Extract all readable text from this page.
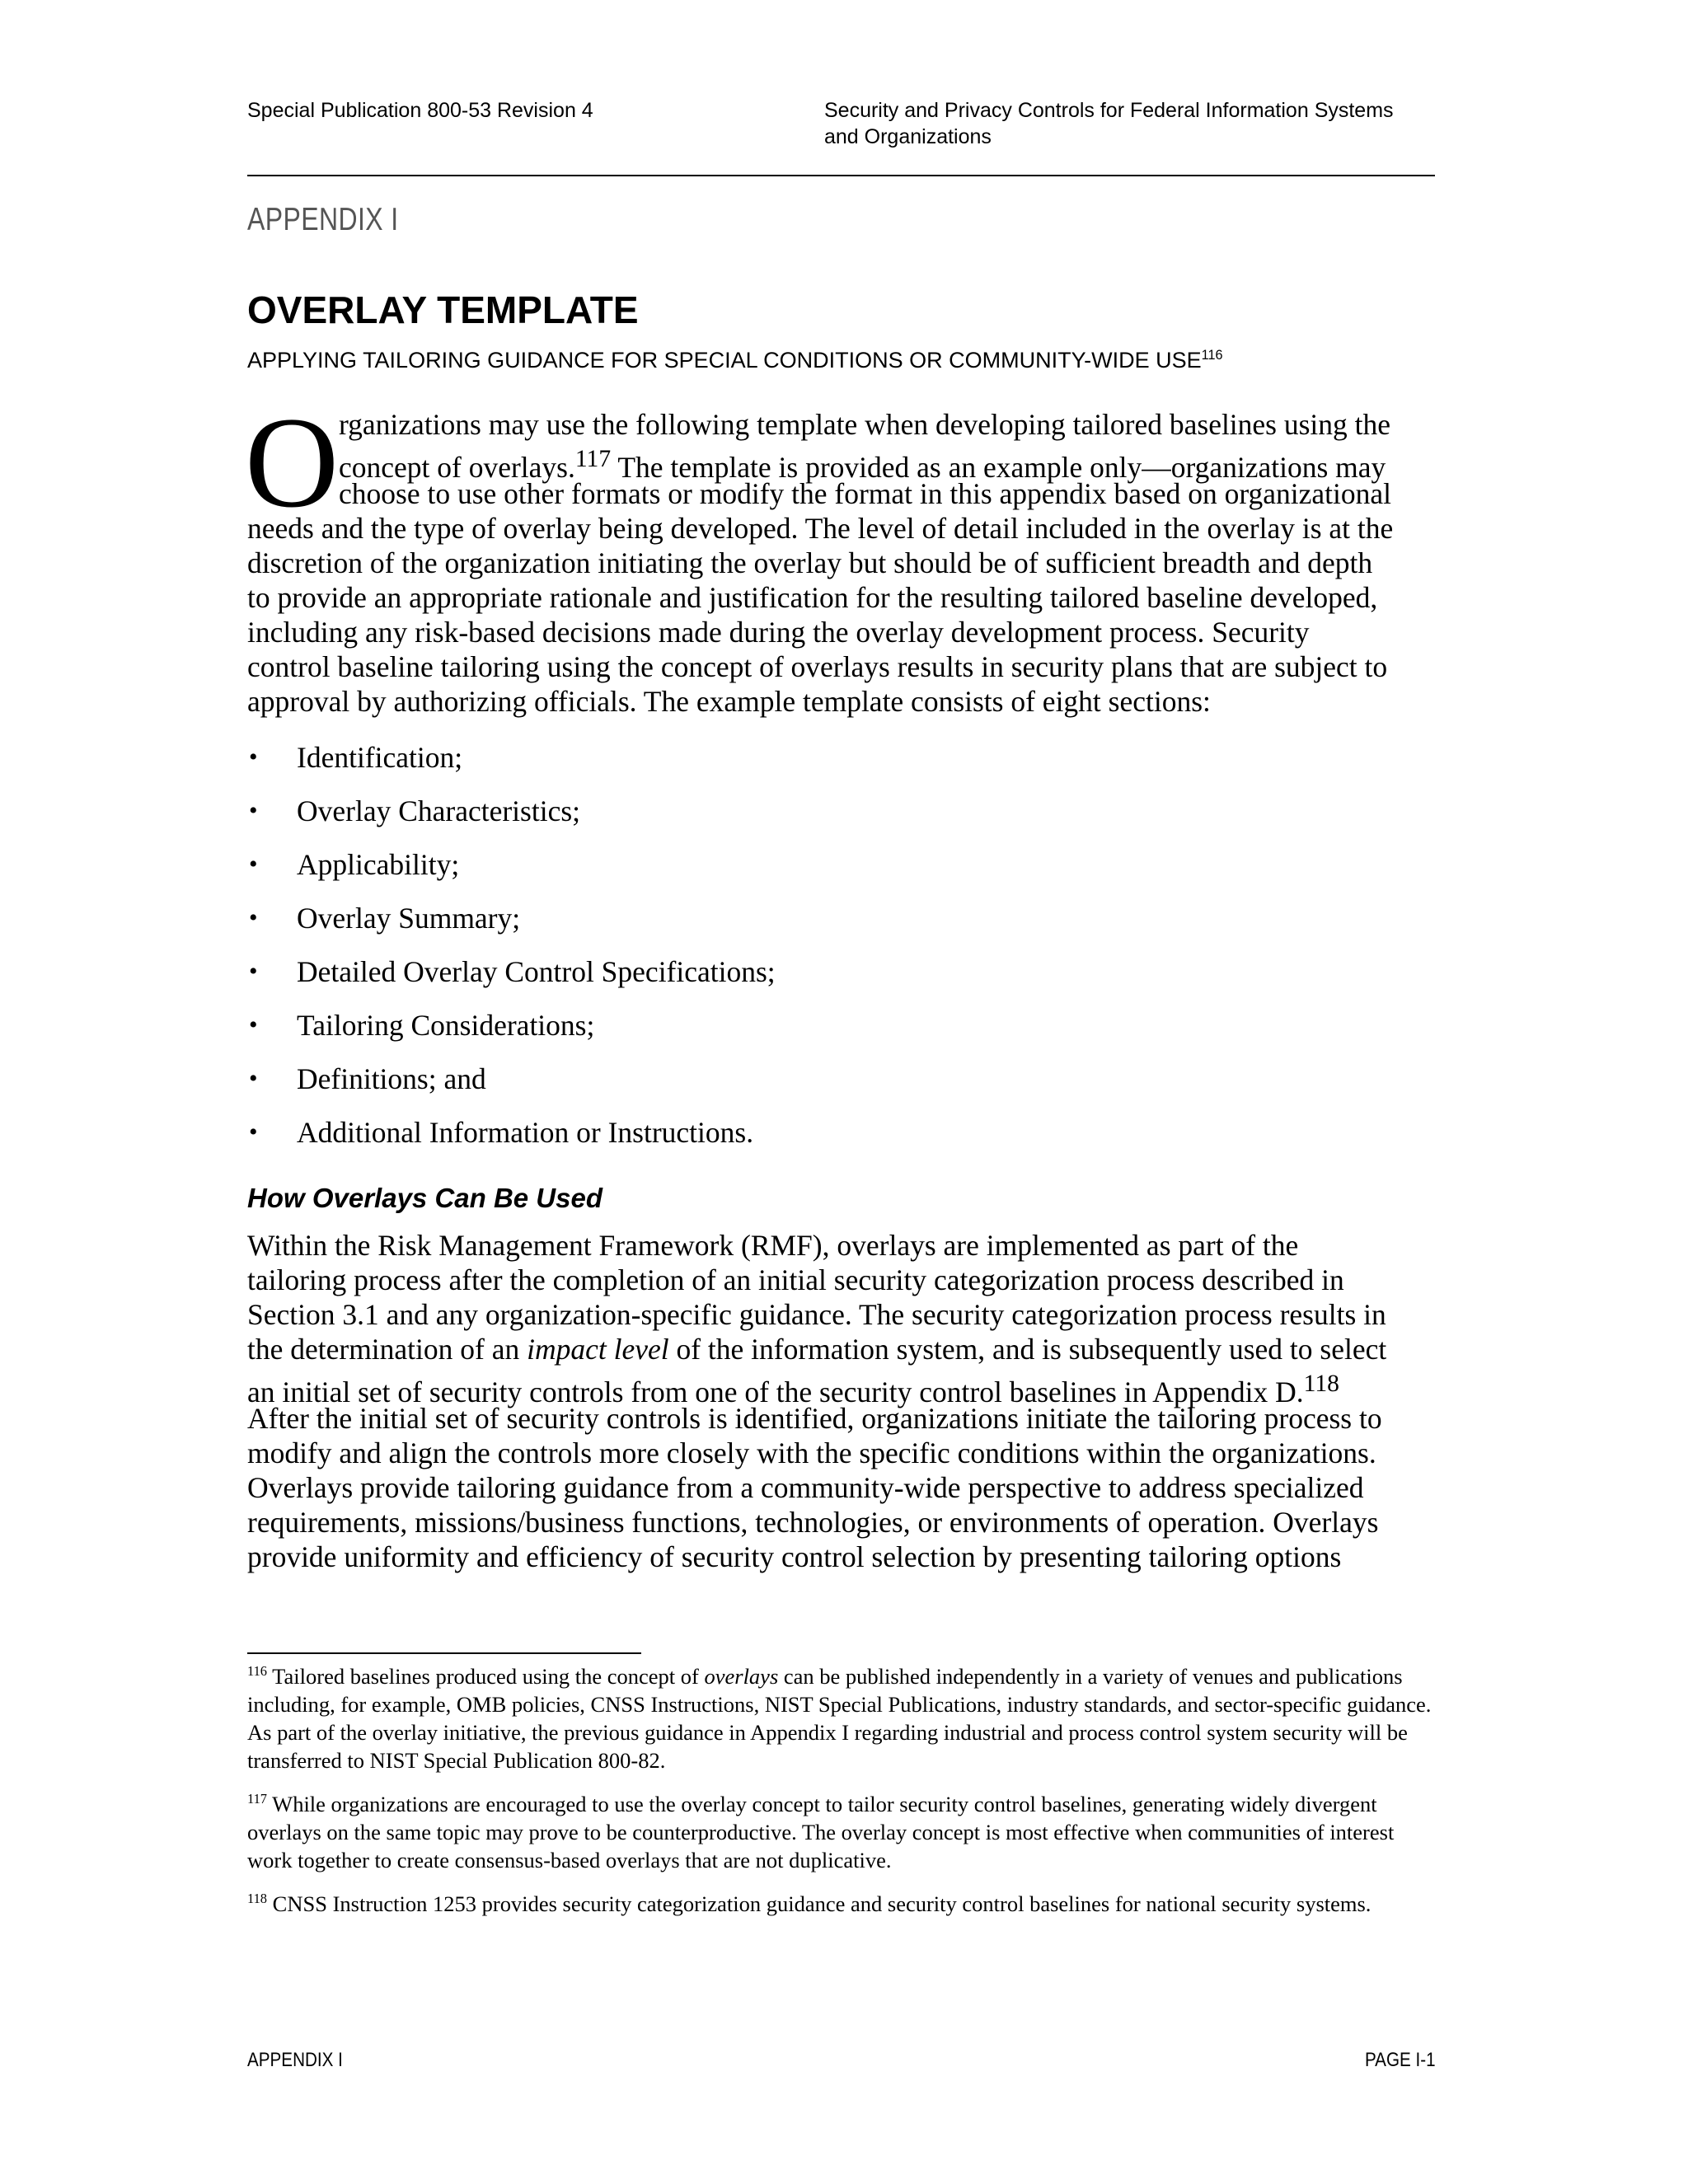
Special Publication 800-53 Revision 4	Security and Privacy Controls for Federal Information Systems
and Organizations
APPENDIX I
OVERLAY TEMPLATE
APPLYING TAILORING GUIDANCE FOR SPECIAL CONDITIONS OR COMMUNITY-WIDE USE$^{116}$
O rganizations may use the following template when developing tailored baselines using the
concept of overlays.$^{117}$ The template is provided as an example only—organizations may
choose to use other formats or modify the format in this appendix based on organizational
needs and the type of overlay being developed. The level of detail included in the overlay is at the
discretion of the organization initiating the overlay but should be of sufficient breadth and depth
to provide an appropriate rationale and justification for the resulting tailored baseline developed,
including any risk-based decisions made during the overlay development process. Security
control baseline tailoring using the concept of overlays results in security plans that are subject to
approval by authorizing officials. The example template consists of eight sections:
• Identification;
• Overlay Characteristics;
• Applicability;
• Overlay Summary;
• Detailed Overlay Control Specifications;
• Tailoring Considerations;
• Definitions; and
• Additional Information or Instructions.
How Overlays Can Be Used
Within the Risk Management Framework (RMF), overlays are implemented as part of the
tailoring process after the completion of an initial security categorization process described in
Section 3.1 and any organization-specific guidance. The security categorization process results in
the determination of an impact level of the information system, and is subsequently used to select
an initial set of security controls from one of the security control baselines in Appendix D.$^{118}$
After the initial set of security controls is identified, organizations initiate the tailoring process to
modify and align the controls more closely with the specific conditions within the organizations.
Overlays provide tailoring guidance from a community-wide perspective to address specialized
requirements, missions/business functions, technologies, or environments of operation. Overlays
provide uniformity and efficiency of security control selection by presenting tailoring options
$^{116}$ Tailored baselines produced using the concept of overlays can be published independently in a variety of venues and publications including, for example, OMB policies, CNSS Instructions, NIST Special Publications, industry standards, and sector-specific guidance. As part of the overlay initiative, the previous guidance in Appendix I regarding industrial and process control system security will be transferred to NIST Special Publication 800-82.
$^{117}$ While organizations are encouraged to use the overlay concept to tailor security control baselines, generating widely divergent overlays on the same topic may prove to be counterproductive. The overlay concept is most effective when communities of interest work together to create consensus-based overlays that are not duplicative.
$^{118}$ CNSS Instruction 1253 provides security categorization guidance and security control baselines for national security systems.
APPENDIX I	PAGE I-1
